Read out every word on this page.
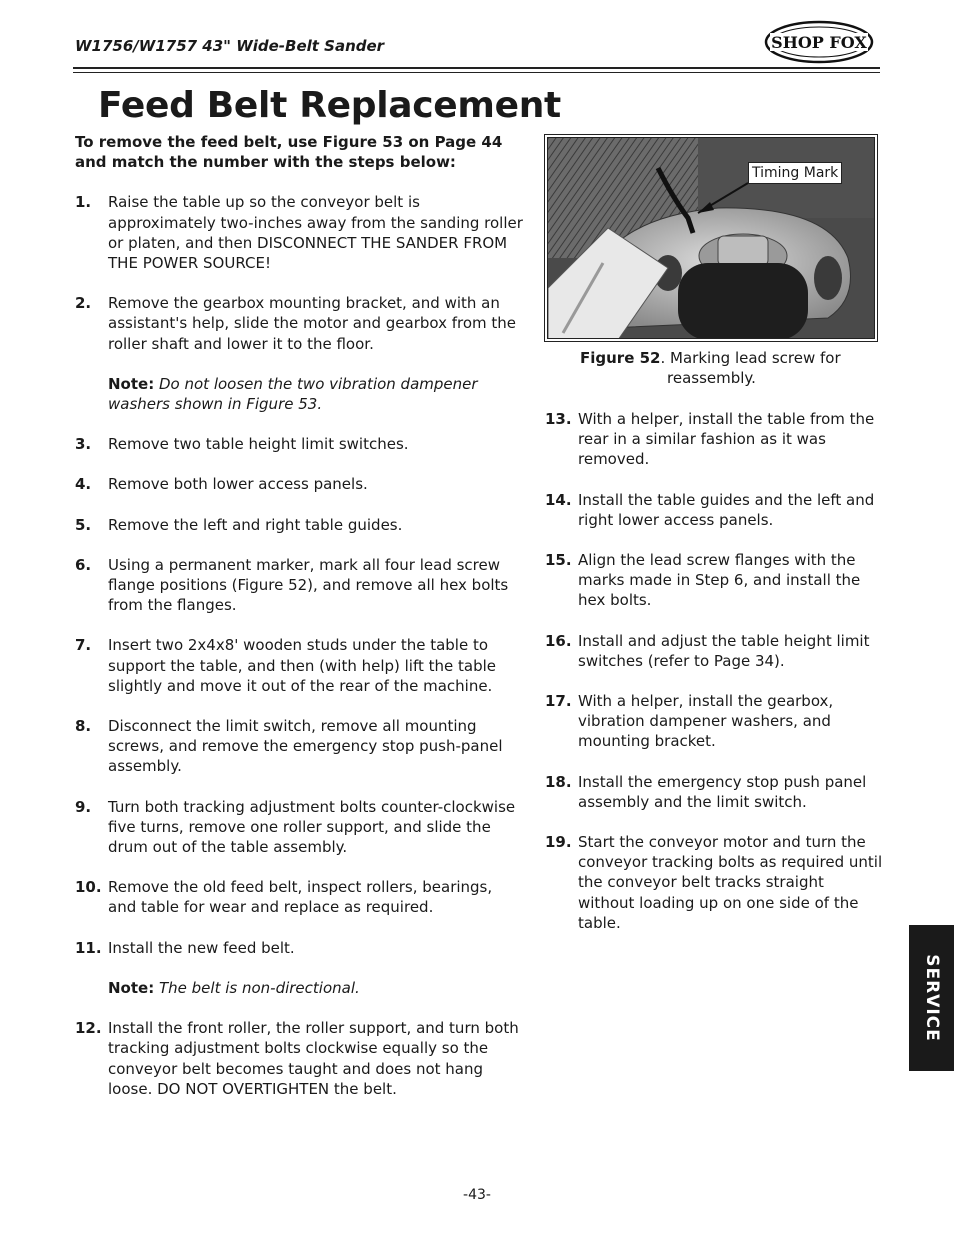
W1756/W1757 43" Wide-Belt Sander	SHOP FOX
Feed Belt Replacement

To remove the feed belt, use Figure 53 on Page 44 and match the number with the steps below:

1.	Raise the table up so the conveyor belt is approximately two-inches away from the sanding roller or platen, and then DISCONNECT THE SANDER FROM THE POWER SOURCE!
2.	Remove the gearbox mounting bracket, and with an assistant's help, slide the motor and gearbox from the roller shaft and lower it to the floor.

Note: Do not loosen the two vibration dampener washers shown in Figure 53.

3.	Remove two table height limit switches.
4.	Remove both lower access panels.
5.	Remove the left and right table guides.
6.	Using a permanent marker, mark all four lead screw flange positions (Figure 52), and remove all hex bolts from the flanges.
7.	Insert two 2x4x8' wooden studs under the table to support the table, and then (with help) lift the table slightly and move it out of the rear of the machine.
8.	Disconnect the limit switch, remove all mounting screws, and remove the emergency stop push-panel assembly.
9.	Turn both tracking adjustment bolts counter-clockwise five turns, remove one roller support, and slide the drum out of the table assembly.
10. Remove the old feed belt, inspect rollers, bearings, and table for wear and replace as required.
11. Install the new feed belt.

Note: The belt is non-directional.

12. Install the front roller, the roller support, and turn both tracking adjustment bolts clockwise equally so the conveyor belt becomes taught and does not hang loose. DO NOT OVERTIGHTEN the belt.
Timing Mark
Figure 52. Marking lead screw for
reassembly.
13. With a helper, install the table from the rear in a similar fashion as it was removed.
14. Install the table guides and the left and right lower access panels.
15. Align the lead screw flanges with the marks made in Step 6, and install the hex bolts.
16. Install and adjust the table height limit switches (refer to Page 34).
17. With a helper, install the gearbox, vibration dampener washers, and mounting bracket.
18. Install the emergency stop push panel assembly and the limit switch.
19. Start the conveyor motor and turn the conveyor tracking bolts as required until the conveyor belt tracks straight without loading up on one side of the table.
SERVICE
-43-
